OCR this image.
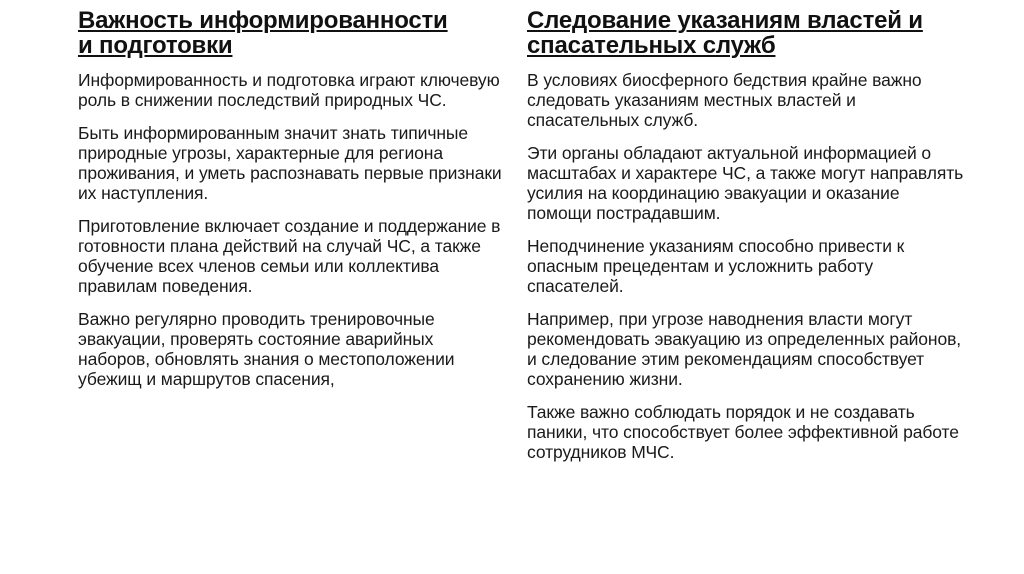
Важность информированности
и подготовки

Информированность и подготовка играют ключевую роль в снижении последствий природных ЧС.

Быть информированным значит знать типичные природные угрозы, характерные для региона проживания, и уметь распознавать первые признаки их наступления.

Приготовление включает создание и поддержание в готовности плана действий на случай ЧС, а также обучение всех членов семьи или коллектива правилам поведения.

Важно регулярно проводить тренировочные эвакуации, проверять состояние аварийных наборов, обновлять знания о местоположении убежищ и маршрутов спасения,

Следование указаниям властей и
спасательных служб

В условиях биосферного бедствия крайне важно следовать указаниям местных властей и спасательных служб.

Эти органы обладают актуальной информацией о масштабах и характере ЧС, а также могут направлять усилия на координацию эвакуации и оказание помощи пострадавшим.

Неподчинение указаниям способно привести к опасным прецедентам и усложнить работу спасателей.

Например, при угрозе наводнения власти могут рекомендовать эвакуацию из определенных районов, и следование этим рекомендациям способствует сохранению жизни.

Также важно соблюдать порядок и не создавать паники, что способствует более эффективной работе сотрудников МЧС.
